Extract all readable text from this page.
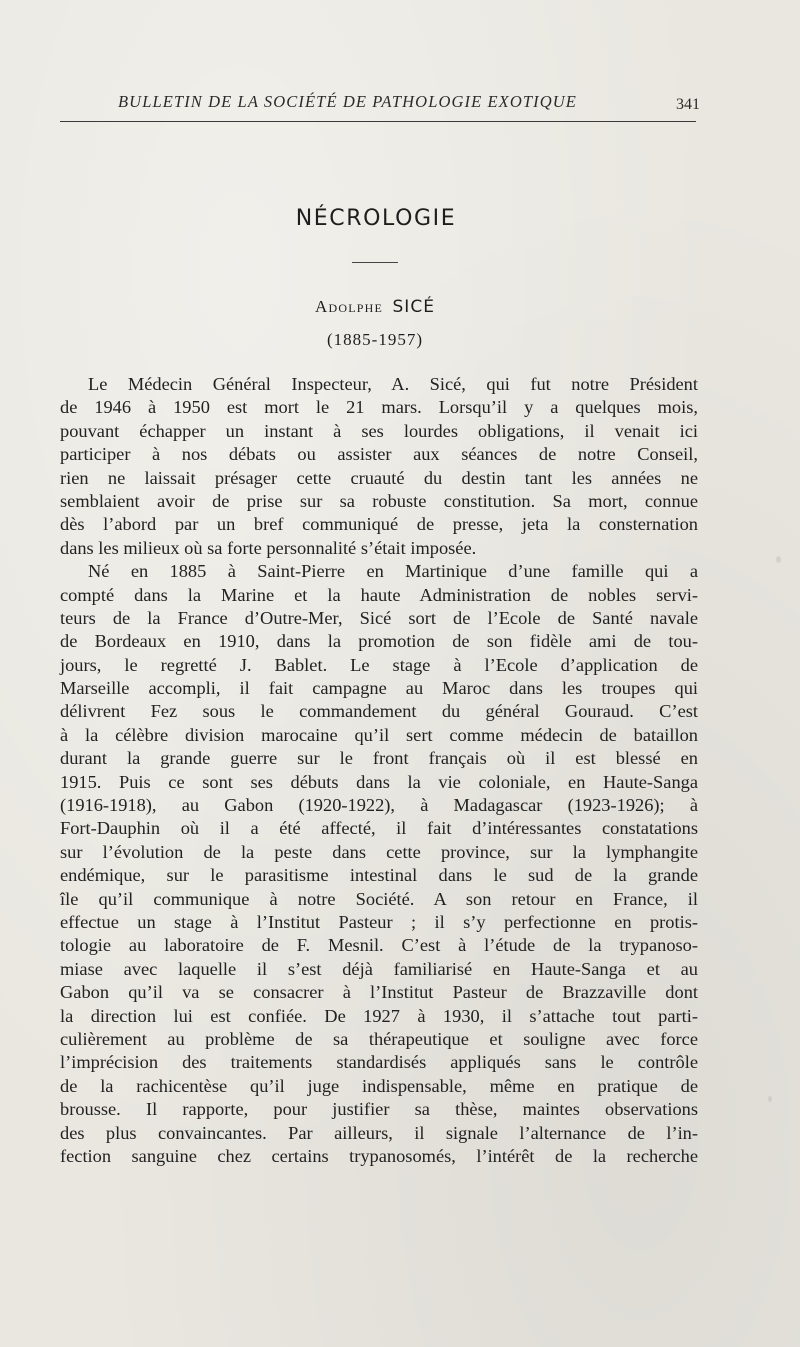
BULLETIN DE LA SOCIÉTÉ DE PATHOLOGIE EXOTIQUE	341
NÉCROLOGIE
Adolphe SICÉ
(1885-1957)
Le Médecin Général Inspecteur, A. Sicé, qui fut notre Président
de 1946 à 1950 est mort le 21 mars. Lorsqu’il y a quelques mois,
pouvant échapper un instant à ses lourdes obligations, il venait ici
participer à nos débats ou assister aux séances de notre Conseil,
rien ne laissait présager cette cruauté du destin tant les années ne
semblaient avoir de prise sur sa robuste constitution. Sa mort, connue
dès l’abord par un bref communiqué de presse, jeta la consternation
dans les milieux où sa forte personnalité s’était imposée.
Né en 1885 à Saint-Pierre en Martinique d’une famille qui a
compté dans la Marine et la haute Administration de nobles servi-
teurs de la France d’Outre-Mer, Sicé sort de l’Ecole de Santé navale
de Bordeaux en 1910, dans la promotion de son fidèle ami de tou-
jours, le regretté J. Bablet. Le stage à l’Ecole d’application de
Marseille accompli, il fait campagne au Maroc dans les troupes qui
délivrent Fez sous le commandement du général Gouraud. C’est
à la célèbre division marocaine qu’il sert comme médecin de bataillon
durant la grande guerre sur le front français où il est blessé en
1915. Puis ce sont ses débuts dans la vie coloniale, en Haute-Sanga
(1916-1918), au Gabon (1920-1922), à Madagascar (1923-1926); à
Fort-Dauphin où il a été affecté, il fait d’intéressantes constatations
sur l’évolution de la peste dans cette province, sur la lymphangite
endémique, sur le parasitisme intestinal dans le sud de la grande
île qu’il communique à notre Société. A son retour en France, il
effectue un stage à l’Institut Pasteur ; il s’y perfectionne en protis-
tologie au laboratoire de F. Mesnil. C’est à l’étude de la trypanoso-
miase avec laquelle il s’est déjà familiarisé en Haute-Sanga et au
Gabon qu’il va se consacrer à l’Institut Pasteur de Brazzaville dont
la direction lui est confiée. De 1927 à 1930, il s’attache tout parti-
culièrement au problème de sa thérapeutique et souligne avec force
l’imprécision des traitements standardisés appliqués sans le contrôle
de la rachicentèse qu’il juge indispensable, même en pratique de
brousse. Il rapporte, pour justifier sa thèse, maintes observations
des plus convaincantes. Par ailleurs, il signale l’alternance de l’in-
fection sanguine chez certains trypanosomés, l’intérêt de la recherche
